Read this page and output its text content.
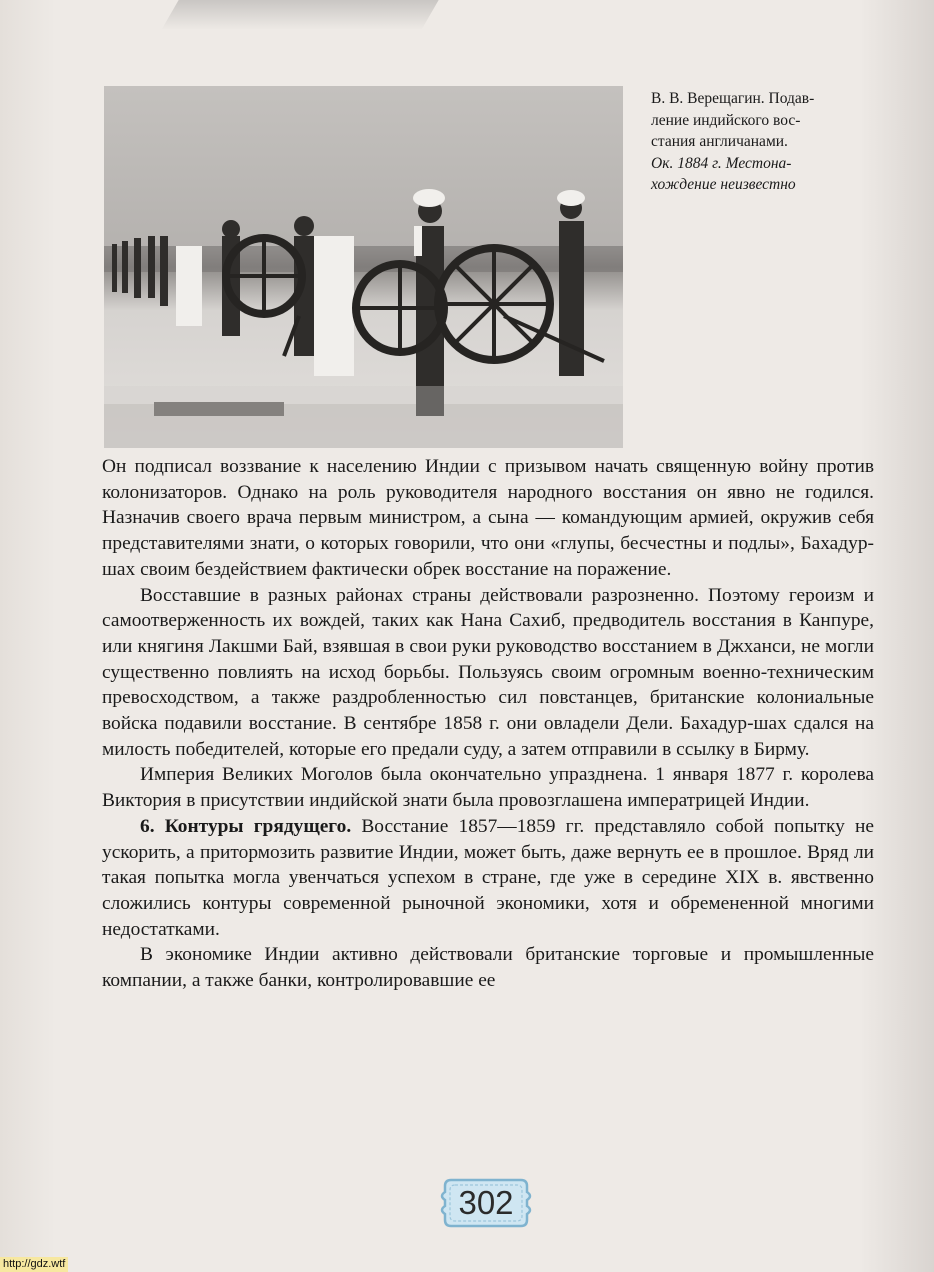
В. В. Верещагин. Подав-
ление индийского вос-
стания англичанами.
Ок. 1884 г. Местона-
хождение неизвестно

Он подписал воззвание к населению Индии с призывом начать священную войну против колонизаторов. Однако на роль руководителя народного восстания он явно не годился. Назначив своего врача первым министром, а сына — командующим армией, окружив себя представителями знати, о которых говорили, что они «глупы, бесчестны и подлы», Бахадур-шах своим бездействием фактически обрек восстание на поражение.

Восставшие в разных районах страны действовали разрозненно. Поэтому героизм и самоотверженность их вождей, таких как Нана Сахиб, предводитель восстания в Канпуре, или княгиня Лакшми Бай, взявшая в свои руки руководство восстанием в Джханси, не могли существенно повлиять на исход борьбы. Пользуясь своим огромным военно-техническим превосходством, а также раздробленностью сил повстанцев, британские колониальные войска подавили восстание. В сентябре 1858 г. они овладели Дели. Бахадур-шах сдался на милость победителей, которые его предали суду, а затем отправили в ссылку в Бирму.

Империя Великих Моголов была окончательно упразднена. 1 января 1877 г. королева Виктория в присутствии индийской знати была провозглашена императрицей Индии.

6. Контуры грядущего. Восстание 1857—1859 гг. представляло собой попытку не ускорить, а притормозить развитие Индии, может быть, даже вернуть ее в прошлое. Вряд ли такая попытка могла увенчаться успехом в стране, где уже в середине XIX в. явственно сложились контуры современной рыночной экономики, хотя и обремененной многими недостатками.

В экономике Индии активно действовали британские торговые и промышленные компании, а также банки, контролировавшие ее

302
http://gdz.wtf
